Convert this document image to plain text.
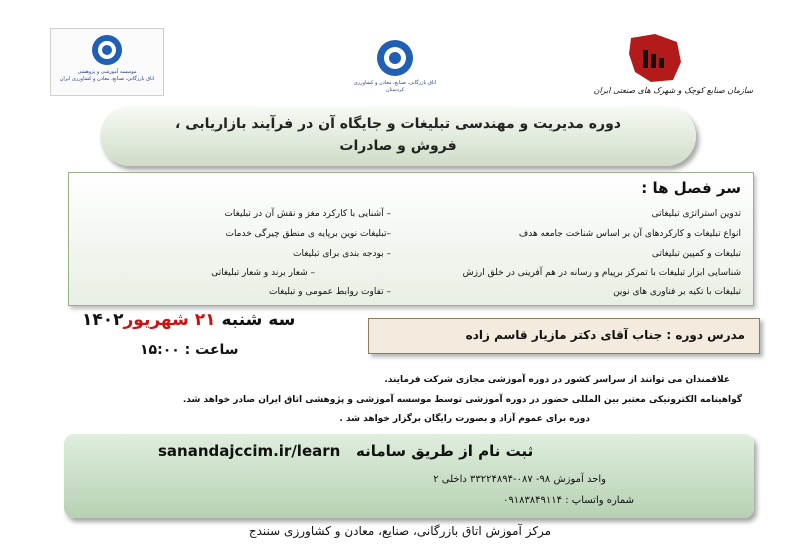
موسسه آموزشی و پژوهشی
اتاق بازرگانی، صنایع، معادن و کشاورزی ایران
اتاق بازرگانی، صنایع، معادن و کشاورزی
کردستان	سازمان صنایع کوچک و شهرک های صنعتی ایران
دوره مدیریت و مهندسی تبلیغات و جایگاه آن در فرآیند بازاریابی ،
فروش و صادرات
سر فصل ها :
تدوین استراتژی تبلیغاتی
– آشنایی با کارکرد مغز و نقش آن در تبلیغات
انواع تبلیغات و کارکردهای آن بر اساس شناخت جامعه هدف
–تبلیغات نوین برپایه ی منطق چیرگی خدمات
تبلیغات و کمپین تبلیغاتی
– بودجه بندی برای تبلیغات
شناسایی ابزار تبلیغات با تمرکز برپیام و رسانه در هم آفرینی در خلق ارزش
– شعار برند و شعار تبلیغاتی
تبلیغات با تکیه بر فناوری های نوین
– تفاوت روابط عمومی و تبلیغات
سه شنبه ۲۱ شهریور۱۴۰۲
ساعت : ۱۵:۰۰
مدرس دوره : جناب آقای دکتر مازیار قاسم زاده
علاقمندان می توانند از سراسر کشور در دوره آموزشی مجازی شرکت فرمایند.
گواهینامه الکترونیکی معتبر بین المللی حضور در دوره آموزشی توسط موسسه آموزشی و پژوهشی اتاق ایران صادر خواهد شد.
دوره برای عموم آزاد و بصورت رایگان برگزار خواهد شد .
ثبت نام از طریق سامانه   sanandajccim.ir/learn
واحد آموزش ۹۸- ۰۸۷-۳۳۲۲۴۸۹۴ داخلی ۲
شماره واتساپ : ۰۹۱۸۳۸۴۹۱۱۴
مرکز آموزش اتاق بازرگانی، صنایع، معادن و کشاورزی سنندج
